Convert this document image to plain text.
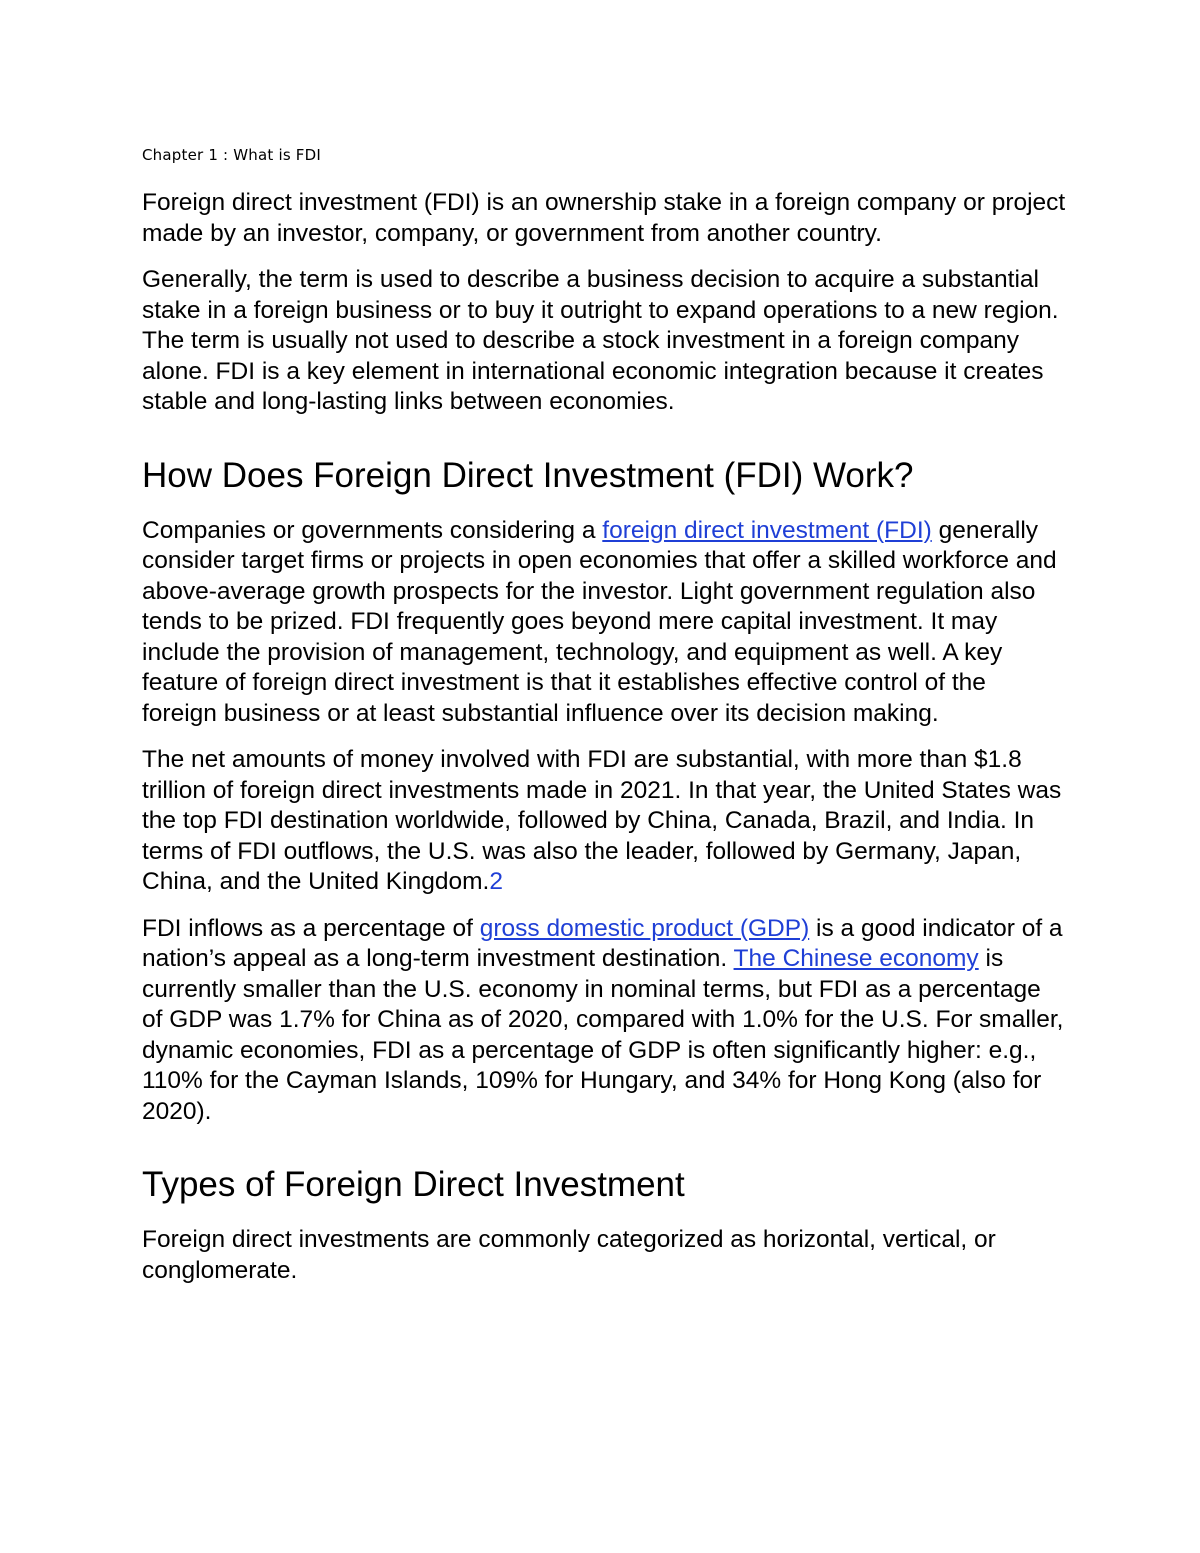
Chapter 1 : What is FDI

Foreign direct investment (FDI) is an ownership stake in a foreign company or project made by an investor, company, or government from another country.

Generally, the term is used to describe a business decision to acquire a substantial stake in a foreign business or to buy it outright to expand operations to a new region. The term is usually not used to describe a stock investment in a foreign company alone. FDI is a key element in international economic integration because it creates stable and long-lasting links between economies.

How Does Foreign Direct Investment (FDI) Work?

Companies or governments considering a foreign direct investment (FDI) generally consider target firms or projects in open economies that offer a skilled workforce and above-average growth prospects for the investor. Light government regulation also tends to be prized. FDI frequently goes beyond mere capital investment. It may include the provision of management, technology, and equipment as well. A key feature of foreign direct investment is that it establishes effective control of the foreign business or at least substantial influence over its decision making.

The net amounts of money involved with FDI are substantial, with more than $1.8 trillion of foreign direct investments made in 2021. In that year, the United States was the top FDI destination worldwide, followed by China, Canada, Brazil, and India. In terms of FDI outflows, the U.S. was also the leader, followed by Germany, Japan, China, and the United Kingdom.2

FDI inflows as a percentage of gross domestic product (GDP) is a good indicator of a nation’s appeal as a long-term investment destination. The Chinese economy is currently smaller than the U.S. economy in nominal terms, but FDI as a percentage of GDP was 1.7% for China as of 2020, compared with 1.0% for the U.S. For smaller, dynamic economies, FDI as a percentage of GDP is often significantly higher: e.g., 110% for the Cayman Islands, 109% for Hungary, and 34% for Hong Kong (also for 2020).

Types of Foreign Direct Investment

Foreign direct investments are commonly categorized as horizontal, vertical, or conglomerate.
